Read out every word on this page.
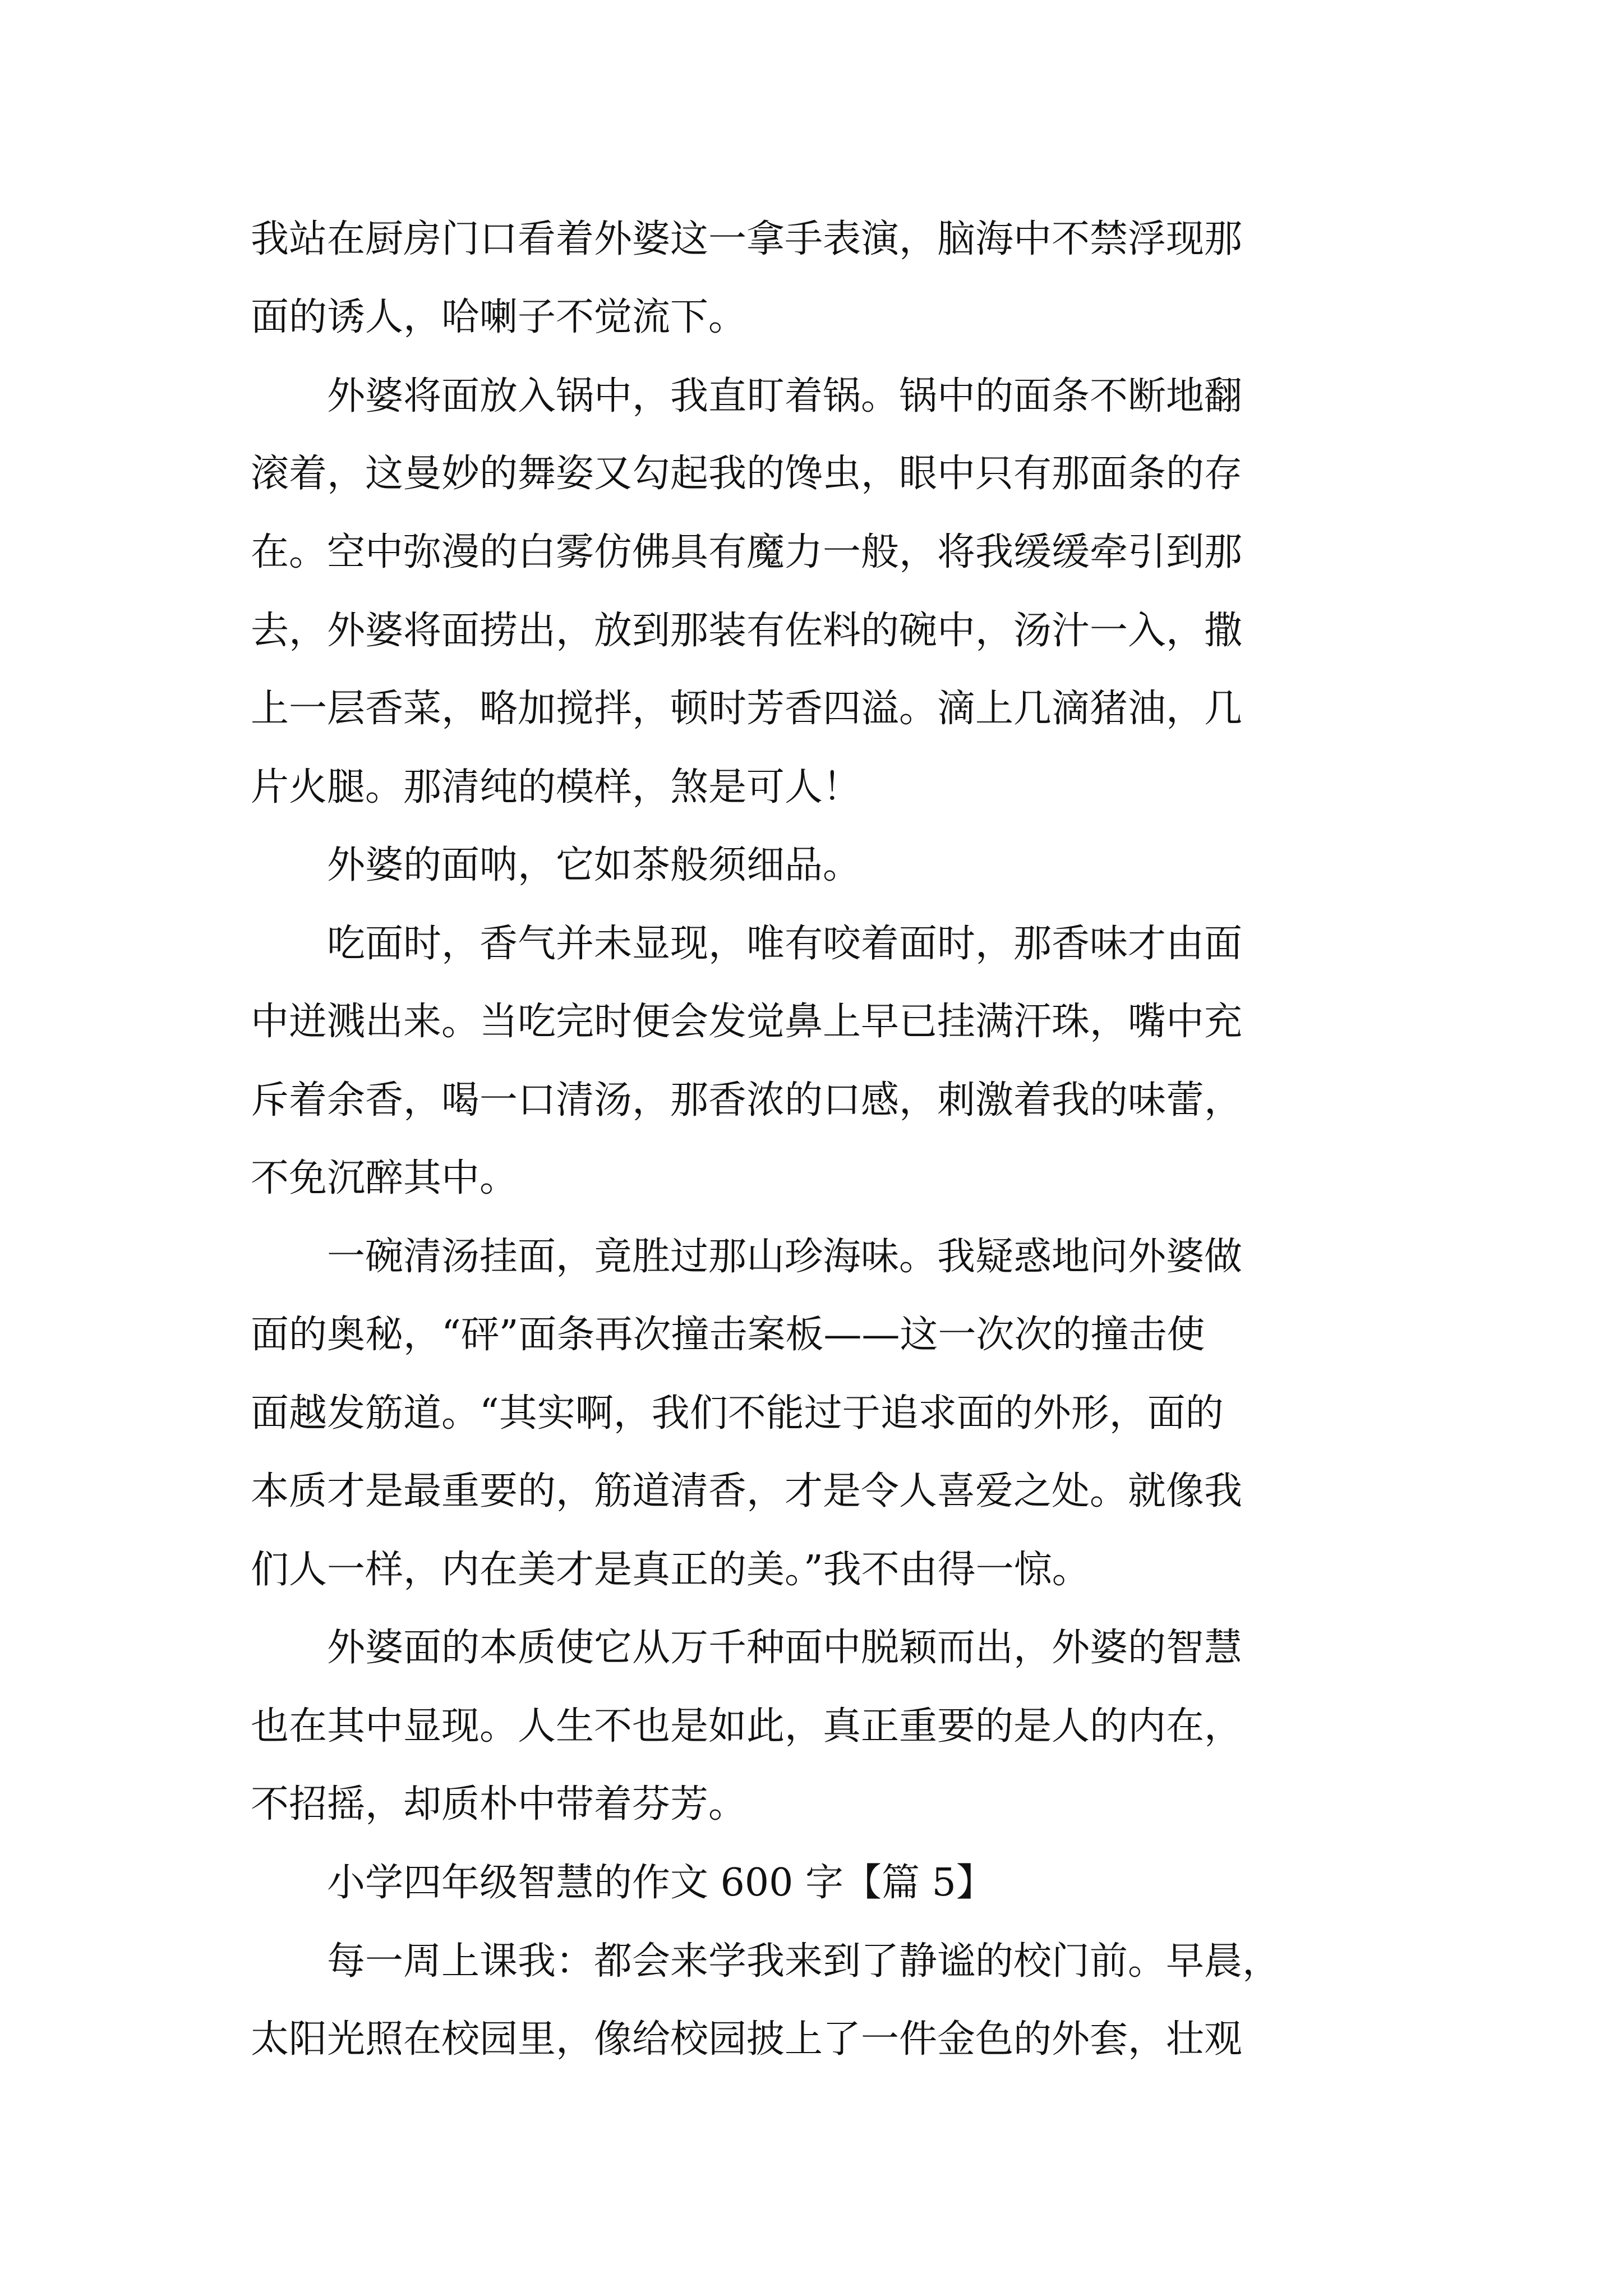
我站在厨房门口看着外婆这一拿手表演，脑海中不禁浮现那

面的诱人，哈喇子不觉流下。

　　外婆将面放入锅中，我直盯着锅。锅中的面条不断地翻

滚着，这曼妙的舞姿又勾起我的馋虫，眼中只有那面条的存

在。空中弥漫的白雾仿佛具有魔力一般，将我缓缓牵引到那

去，外婆将面捞出，放到那装有佐料的碗中，汤汁一入，撒

上一层香菜，略加搅拌，顿时芳香四溢。滴上几滴猪油，几

片火腿。那清纯的模样，煞是可人！

　　外婆的面呐，它如茶般须细品。

　　吃面时，香气并未显现，唯有咬着面时，那香味才由面

中迸溅出来。当吃完时便会发觉鼻上早已挂满汗珠，嘴中充

斥着余香，喝一口清汤，那香浓的口感，刺激着我的味蕾，

不免沉醉其中。

　　一碗清汤挂面，竟胜过那山珍海味。我疑惑地问外婆做

面的奥秘，“砰”面条再次撞击案板——这一次次的撞击使

面越发筋道。“其实啊，我们不能过于追求面的外形，面的

本质才是最重要的，筋道清香，才是令人喜爱之处。就像我

们人一样，内在美才是真正的美。”我不由得一惊。

　　外婆面的本质使它从万千种面中脱颖而出，外婆的智慧

也在其中显现。人生不也是如此，真正重要的是人的内在，

不招摇，却质朴中带着芬芳。

　　小学四年级智慧的作文 600 字【篇 5】

　　每一周上课我：都会来学我来到了静谧的校门前。早晨，

太阳光照在校园里，像给校园披上了一件金色的外套，壮观
